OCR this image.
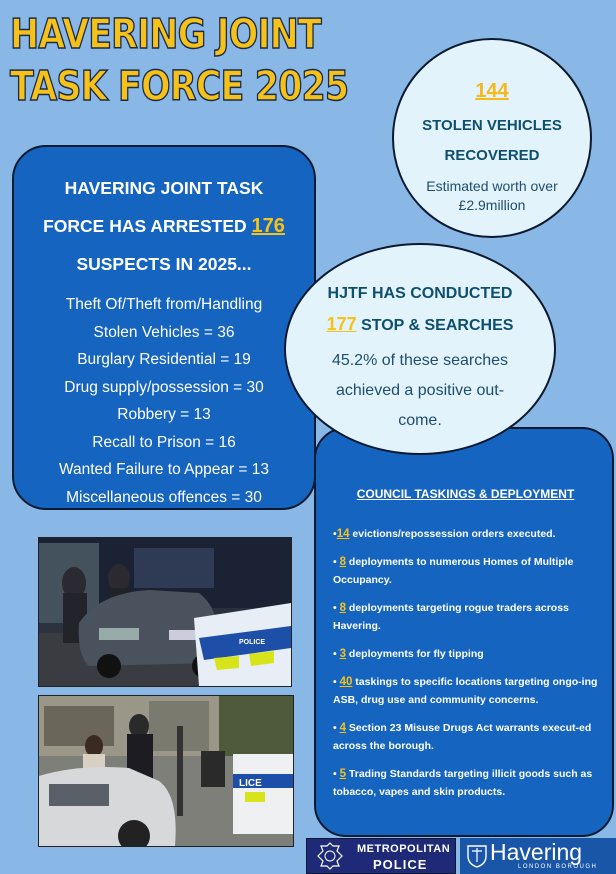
HAVERING JOINT
TASK FORCE 2025
HAVERING JOINT TASK
FORCE HAS ARRESTED 176
SUSPECTS IN 2025...
Theft Of/Theft from/Handling
Stolen Vehicles = 36
Burglary Residential = 19
Drug supply/possession = 30
Robbery = 13
Recall to Prison = 16
Wanted Failure to Appear = 13
Miscellaneous offences = 30
144
STOLEN VEHICLES
RECOVERED
Estimated worth over
£2.9million
COUNCIL TASKINGS & DEPLOYMENT
•14 evictions/repossession orders executed.
• 8 deployments to numerous Homes of Multiple Occupancy.
• 8 deployments targeting rogue traders across Havering.
• 3 deployments for fly tipping
• 40 taskings to specific locations targeting ongo-ing ASB, drug use and community concerns.
• 4 Section 23 Misuse Drugs Act warrants execut-ed across the borough.
• 5 Trading Standards targeting illicit goods such as tobacco, vapes and skin products.
HJTF HAS CONDUCTED
177 STOP & SEARCHES
45.2% of these searches
achieved a positive out-
come.
POLICE
LICE
METROPOLITAN
POLICE	Havering
LONDON BOROUGH
